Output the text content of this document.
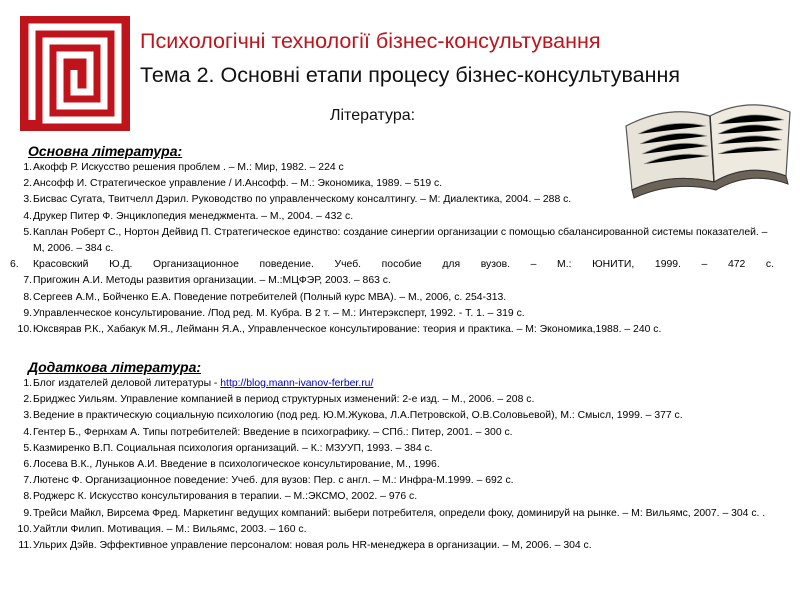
Психологічні технології бізнес-консультування
Тема 2. Основні етапи процесу бізнес-консультування
Література:
Основна література:
1. Акофф Р. Искусство решения проблем . – М.: Мир, 1982. – 224 с
2. Ансофф И. Стратегическое управление / И.Ансофф. – М.: Экономика, 1989. – 519 с.
3. Бисвас Сугата, Твитчелл Дэрил. Руководство по управленческому консалтингу. – М: Диалектика, 2004. – 288 с.
4. Друкер Питер Ф. Энциклопедия менеджмента. – М., 2004. – 432 с.
5. Каплан Роберт С., Нортон Дейвид П. Стратегическое единство: создание синергии организации с помощью сбалансированной системы показателей. – М, 2006. – 384 с.
6.	Красовский Ю.Д. Организационное поведение. Учеб. пособие для вузов. – М.: ЮНИТИ, 1999. – 472 с.
7. Пригожин А.И. Методы развития организации. – М.:МЦФЭР, 2003. – 863 с.
8. Сергеев А.М., Бойченко Е.А. Поведение потребителей (Полный курс МВА). – М., 2006, с. 254-313.
9. Управленческое консультирование. /Под ред. М. Кубра. В 2 т. – М.: Интерэксперт, 1992. - Т. 1. – 319 с.
10. Юксвярав Р.К., Хабакук М.Я., Лейманн Я.А., Управленческое консультирование: теория и практика. – М: Экономика,1988. – 240 с.
Додаткова література:
1. Блог издателей деловой литературы - http://blog.mann-ivanov-ferber.ru/
2. Бриджес Уильям. Управление компанией в период структурных изменений: 2-е изд. – М., 2006. – 208 с.
3. Ведение в практическую социальную психологию (под ред. Ю.М.Жукова, Л.А.Петровской, О.В.Соловьевой), М.: Смысл, 1999. – 377 с.
4. Гентер Б., Фернхам А. Типы потребителей: Введение в психографику. – СПб.: Питер, 2001. – 300 с.
5. Казмиренко В.П. Социальная психология организаций. – К.: МЗУУП, 1993. – 384 с.
6. Лосева В.К., Луньков А.И. Введение в психологическое консультирование, М., 1996.
7. Лютенс Ф. Организационное поведение: Учеб. для вузов: Пер. с англ. – М.: Инфра-М.1999. – 692 с.
8. Роджерс К. Искусство консультирования в терапии. – М.:ЭКСМО, 2002. – 976 с.
9. Трейси Майкл, Вирсема Фред. Маркетинг ведущих компаний: выбери потребителя, определи фоку, доминируй на рынке. – М: Вильямс, 2007. – 304 с. .
10. Уайтли Филип. Мотивация. – М.: Вильямс, 2003. – 160 с.
11. Ульрих Дэйв. Эффективное управление персоналом: новая роль HR-менеджера в организации. – М, 2006. – 304 с.
